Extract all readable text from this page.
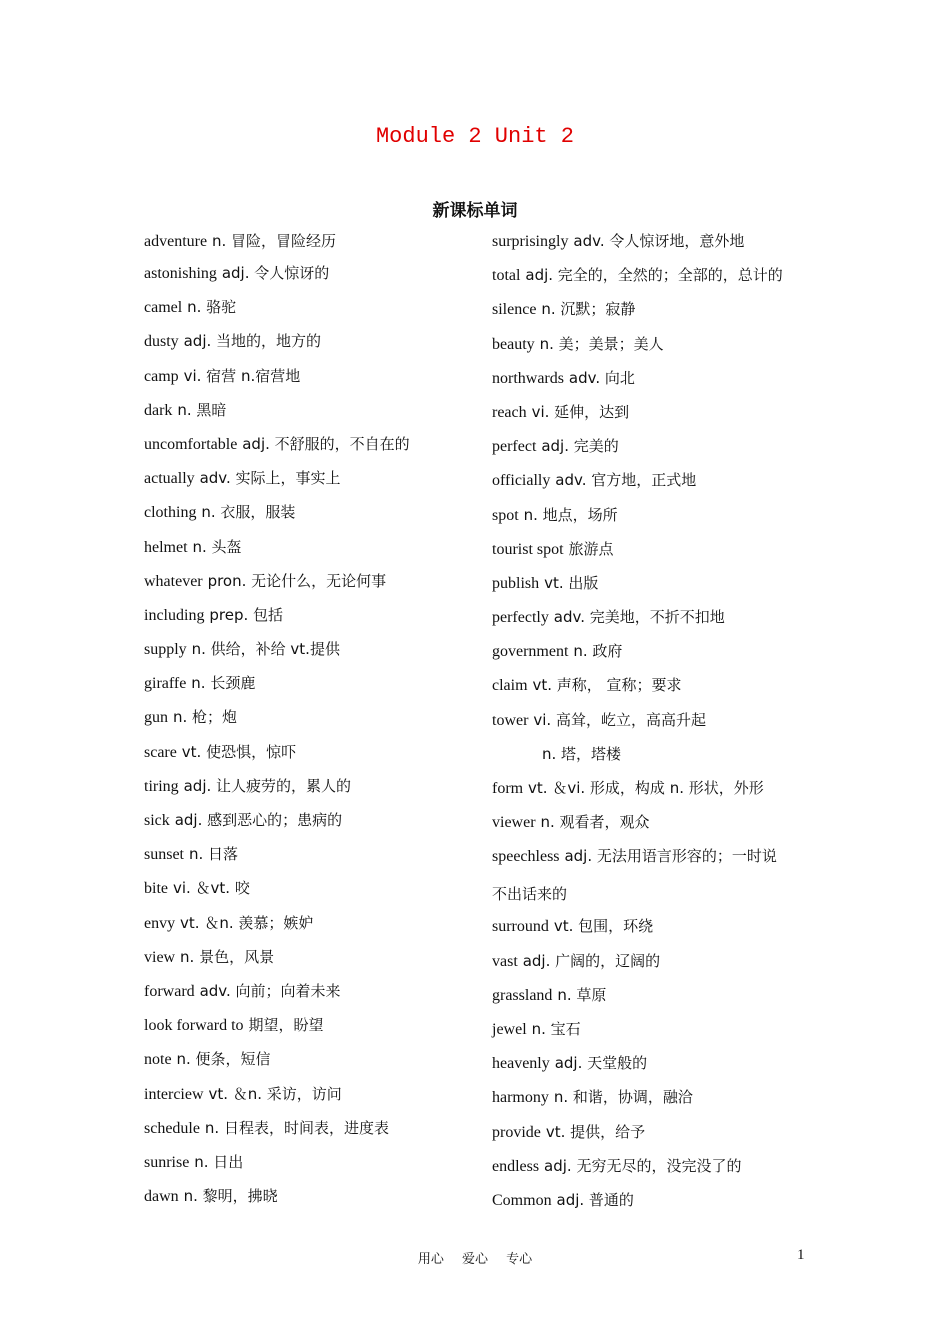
Module 2 Unit 2
新课标单词
adventure n. 冒险，冒险经历
astonishing adj. 令人惊讶的
camel n. 骆驼
dusty adj. 当地的，地方的
camp vi. 宿营 n.宿营地
dark n. 黑暗
uncomfortable adj. 不舒服的，不自在的
actually adv. 实际上，事实上
clothing n. 衣服，服装
helmet n. 头盔
whatever pron. 无论什么，无论何事
including prep. 包括
supply n. 供给，补给 vt.提供
giraffe n. 长颈鹿
gun n. 枪；炮
scare vt. 使恐惧，惊吓
tiring adj. 让人疲劳的，累人的
sick adj. 感到恶心的；患病的
sunset n. 日落
bite vi. ＆vt. 咬
envy vt. ＆n. 羡慕；嫉妒
view n. 景色，风景
forward adv. 向前；向着未来
look forward to 期望，盼望
note n. 便条，短信
interciew vt. ＆n. 采访，访问
schedule n. 日程表，时间表，进度表
sunrise n. 日出
dawn n. 黎明，拂晓
surprisingly adv. 令人惊讶地，意外地
total adj. 完全的，全然的；全部的，总计的
silence n. 沉默；寂静
beauty n. 美；美景；美人
northwards adv. 向北
reach vi. 延伸，达到
perfect adj. 完美的
officially adv. 官方地，正式地
spot n. 地点，场所
tourist spot 旅游点
publish vt. 出版
perfectly adv. 完美地，不折不扣地
government n. 政府
claim vt. 声称， 宣称；要求
tower vi. 高耸，屹立，高高升起
n. 塔，塔楼
form vt. ＆vi. 形成，构成 n. 形状，外形
viewer n. 观看者，观众
speechless adj. 无法用语言形容的；一时说
不出话来的
surround vt. 包围，环绕
vast adj. 广阔的，辽阔的
grassland n. 草原
jewel n. 宝石
heavenly adj. 天堂般的
harmony n. 和谐，协调，融洽
provide vt. 提供，给予
endless adj. 无穷无尽的，没完没了的
Common adj. 普通的
用心 爱心 专心	1
